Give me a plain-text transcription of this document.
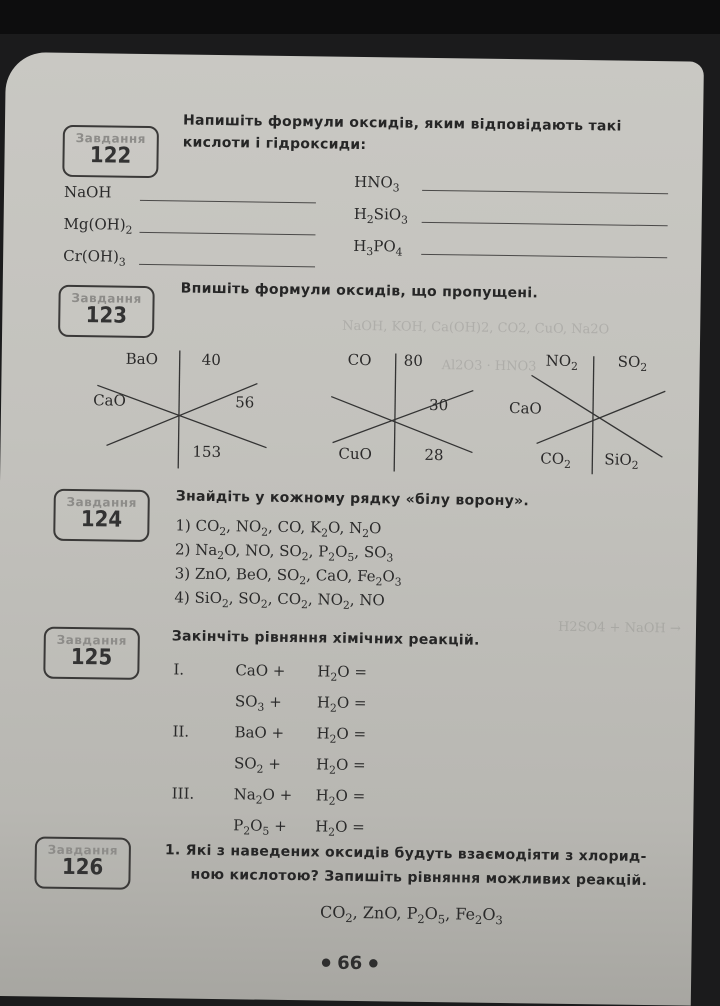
NaOH, KOH, Ca(OH)2, CO2, CuO, Na2O
Al2O3 · HNO3
H2SO4 + NaOH →
Завдання
122
Напишіть формули оксидів, яким відповідають такі
кислоти і гідроксиди:
NaOH
$Mg(OH)_2$
$Cr(OH)_3$
$HNO_3$
$H_2SiO_3$
$H_3PO_4$
Завдання
123
Впишіть формули оксидів, що пропущені.
BaO	40
CaO	56
153
CO 80
30
CuO	28
$NO_2$	$SO_2$
CaO
$CO_2$ SiO$_2$
Завдання
124
Знайдіть у кожному рядку «білу ворону».
1) $CO_2$, $NO_2$, CO, $K_2O$, $N_2O$
2) $Na_2O$, NO, $SO_2$, $P_2O_5$, $SO_3$
3) ZnO, BeO, $SO_2$, CaO, $Fe_2O_3$
4) SiO$_2$, $SO_2$, $CO_2$, $NO_2$, NO
Завдання
125
Закінчіть рівняння хімічних реакцій.
I.	CaO + $H_2O$ =
$SO_3 + H_2O$ =
II.	BaO + $H_2O$ =
$SO_2 + H_2O$ =
III.	$Na_2O + H_2O$ =
$P_2O_5 + H_2O$ =
Завдання
126
1. Які з наведених оксидів будуть взаємодіяти з хлорид-
ною кислотою? Запишіть рівняння можливих реакцій.
$CO_2$, ZnO, $P_2O_5$, $Fe_2O_3$
● 66 ●
